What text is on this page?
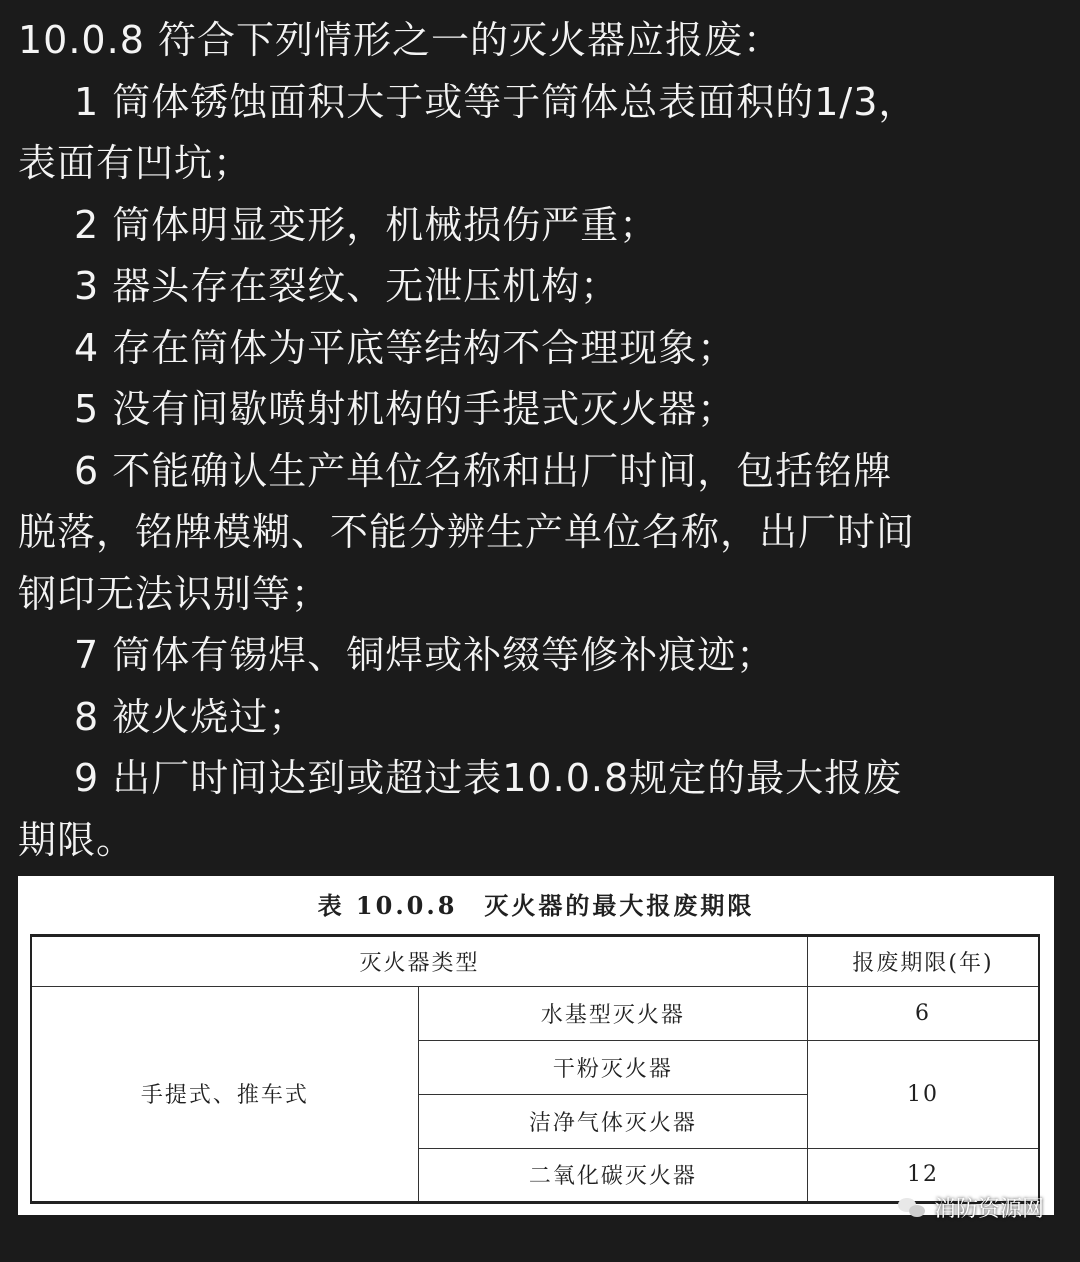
10.0.8 符合下列情形之一的灭火器应报废：
1 筒体锈蚀面积大于或等于筒体总表面积的1/3，
表面有凹坑；
2 筒体明显变形，机械损伤严重；
3 器头存在裂纹、无泄压机构；
4 存在筒体为平底等结构不合理现象；
5 没有间歇喷射机构的手提式灭火器；
6 不能确认生产单位名称和出厂时间，包括铭牌
脱落，铭牌模糊、不能分辨生产单位名称，出厂时间
钢印无法识别等；
7 筒体有锡焊、铜焊或补缀等修补痕迹；
8 被火烧过；
9 出厂时间达到或超过表10.0.8规定的最大报废
期限。
表 10.0.8　灭火器的最大报废期限
灭火器类型		报废期限(年)
手提式、推车式	水基型灭火器	6
	干粉灭火器	10
	洁净气体灭火器	
	二氧化碳灭火器	12
消防资源网
